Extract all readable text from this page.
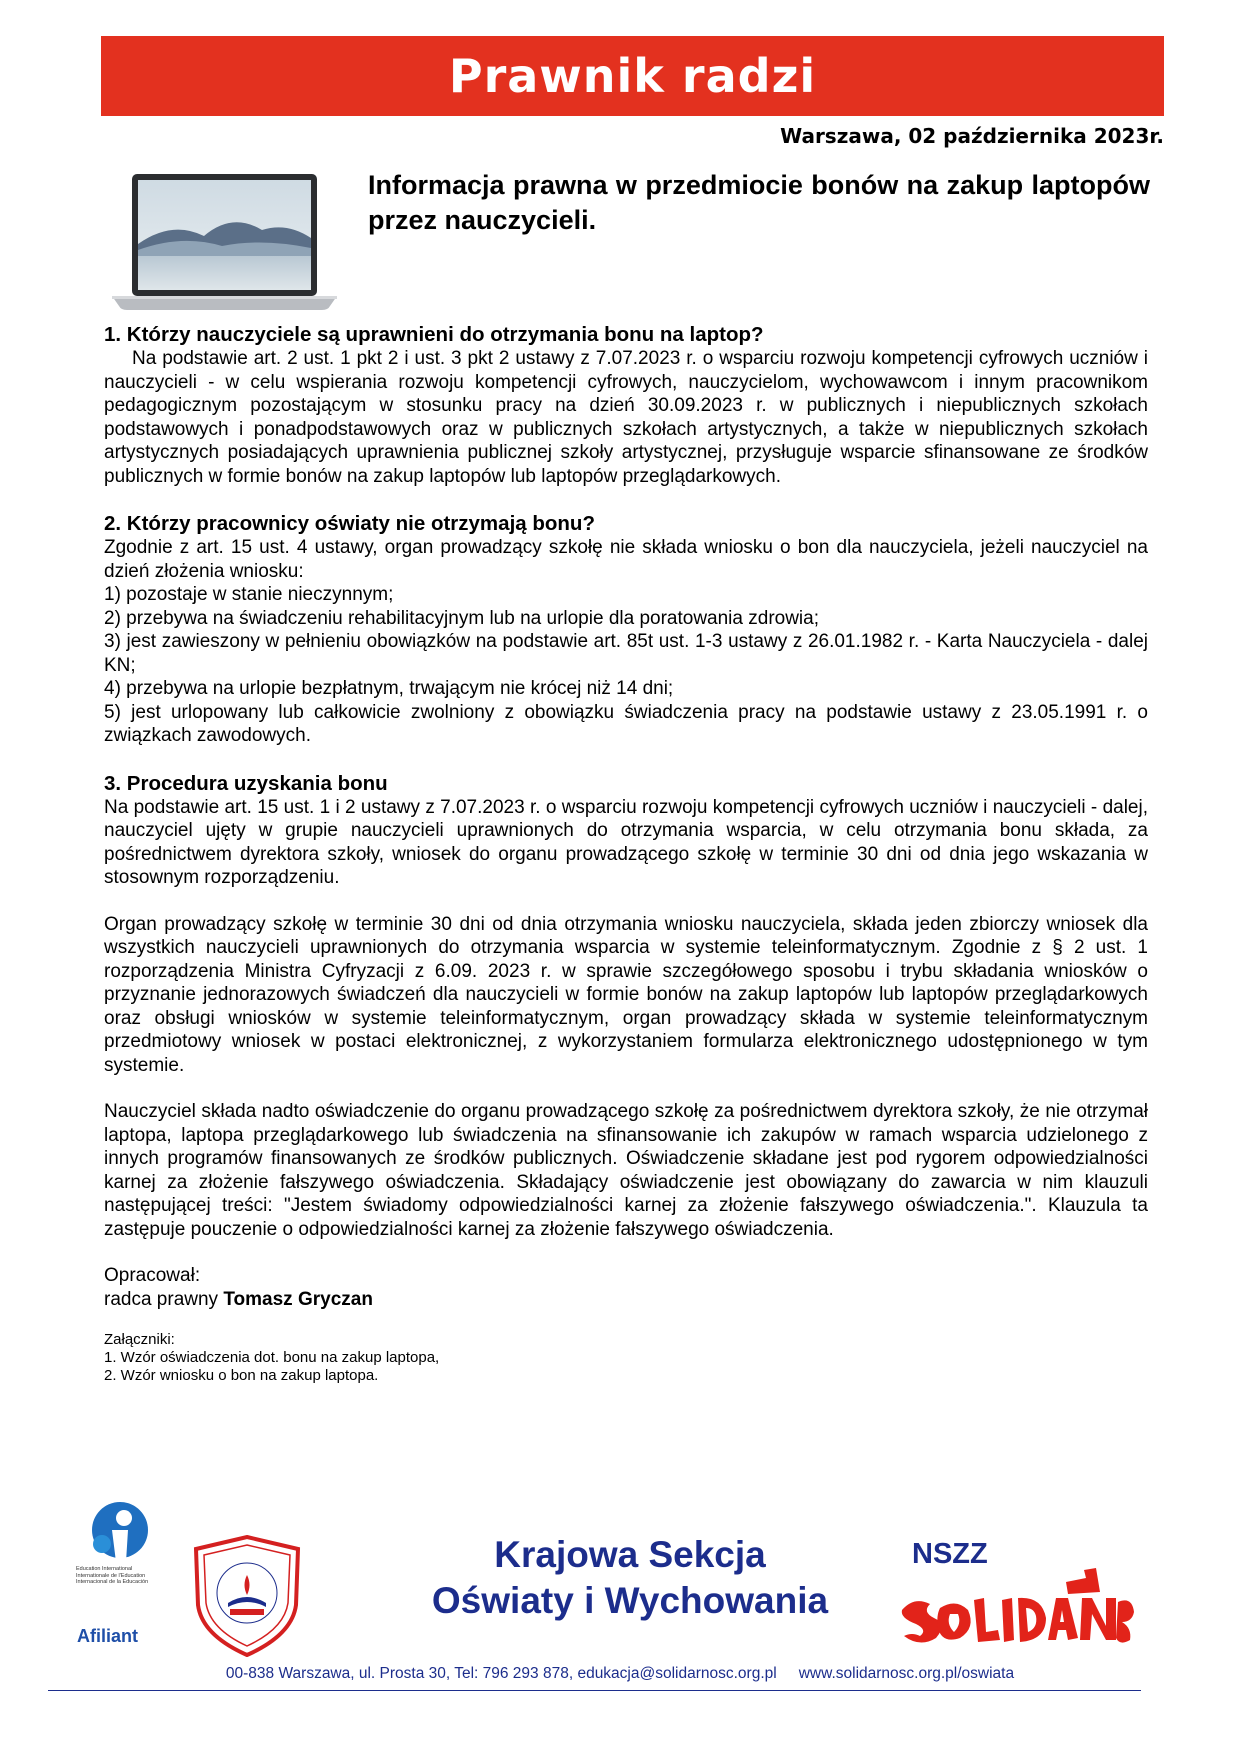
Prawnik radzi
Warszawa, 02 października 2023r.
Informacja prawna w przedmiocie bonów na zakup laptopów przez nauczycieli.
1. Którzy nauczyciele są uprawnieni do otrzymania bonu na laptop?

Na podstawie art. 2 ust. 1 pkt 2 i ust. 3 pkt 2 ustawy z 7.07.2023 r. o wsparciu rozwoju kompetencji cyfrowych uczniów i nauczycieli - w celu wspierania rozwoju kompetencji cyfrowych, nauczycielom, wychowawcom i innym pracownikom pedagogicznym pozostającym w stosunku pracy na dzień 30.09.2023 r. w publicznych i niepublicznych szkołach podstawowych i ponadpodstawowych oraz w publicznych szkołach artystycznych, a także w niepublicznych szkołach artystycznych posiadających uprawnienia publicznej szkoły artystycznej, przysługuje wsparcie sfinansowane ze środków publicznych w formie bonów na zakup laptopów lub laptopów przeglądarkowych.

2. Którzy pracownicy oświaty nie otrzymają bonu?

Zgodnie z art. 15 ust. 4 ustawy, organ prowadzący szkołę nie składa wniosku o bon dla nauczyciela, jeżeli nauczyciel na dzień złożenia wniosku:

1) pozostaje w stanie nieczynnym;

2) przebywa na świadczeniu rehabilitacyjnym lub na urlopie dla poratowania zdrowia;

3) jest zawieszony w pełnieniu obowiązków na podstawie art. 85t ust. 1-3 ustawy z 26.01.1982 r. - Karta Nauczyciela - dalej KN;

4) przebywa na urlopie bezpłatnym, trwającym nie krócej niż 14 dni;

5) jest urlopowany lub całkowicie zwolniony z obowiązku świadczenia pracy na podstawie ustawy z 23.05.1991 r. o związkach zawodowych.

3. Procedura uzyskania bonu

Na podstawie art. 15 ust. 1 i 2 ustawy z 7.07.2023 r. o wsparciu rozwoju kompetencji cyfrowych uczniów i nauczycieli - dalej, nauczyciel ujęty w grupie nauczycieli uprawnionych do otrzymania wsparcia, w celu otrzymania bonu składa, za pośrednictwem dyrektora szkoły, wniosek do organu prowadzącego szkołę w terminie 30 dni od dnia jego wskazania w stosownym rozporządzeniu.

Organ prowadzący szkołę w terminie 30 dni od dnia otrzymania wniosku nauczyciela, składa jeden zbiorczy wniosek dla wszystkich nauczycieli uprawnionych do otrzymania wsparcia w systemie teleinformatycznym. Zgodnie z § 2 ust. 1 rozporządzenia Ministra Cyfryzacji z 6.09. 2023 r. w sprawie szczegółowego sposobu i trybu składania wniosków o przyznanie jednorazowych świadczeń dla nauczycieli w formie bonów na zakup laptopów lub laptopów przeglądarkowych oraz obsługi wniosków w systemie teleinformatycznym, organ prowadzący składa w systemie teleinformatycznym przedmiotowy wniosek w postaci elektronicznej, z wykorzystaniem formularza elektronicznego udostępnionego w tym systemie.

Nauczyciel składa nadto oświadczenie do organu prowadzącego szkołę za pośrednictwem dyrektora szkoły, że nie otrzymał laptopa, laptopa przeglądarkowego lub świadczenia na sfinansowanie ich zakupów w ramach wsparcia udzielonego z innych programów finansowanych ze środków publicznych. Oświadczenie składane jest pod rygorem odpowiedzialności karnej za złożenie fałszywego oświadczenia. Składający oświadczenie jest obowiązany do zawarcia w nim klauzuli następującej treści: "Jestem świadomy odpowiedzialności karnej za złożenie fałszywego oświadczenia.". Klauzula ta zastępuje pouczenie o odpowiedzialności karnej za złożenie fałszywego oświadczenia.

Opracował:
radca prawny Tomasz Gryczan
Załączniki:
1. Wzór oświadczenia dot. bonu na zakup laptopa,
2. Wzór wniosku o bon na zakup laptopa.
Education International
Internationale de l'Education
Internacional de la Educación
Afiliant
Krajowa Sekcja
Oświaty i Wychowania
NSZZ
00-838 Warszawa, ul. Prosta 30, Tel: 796 293 878, edukacja@solidarnosc.org.pl www.solidarnosc.org.pl/oswiata
